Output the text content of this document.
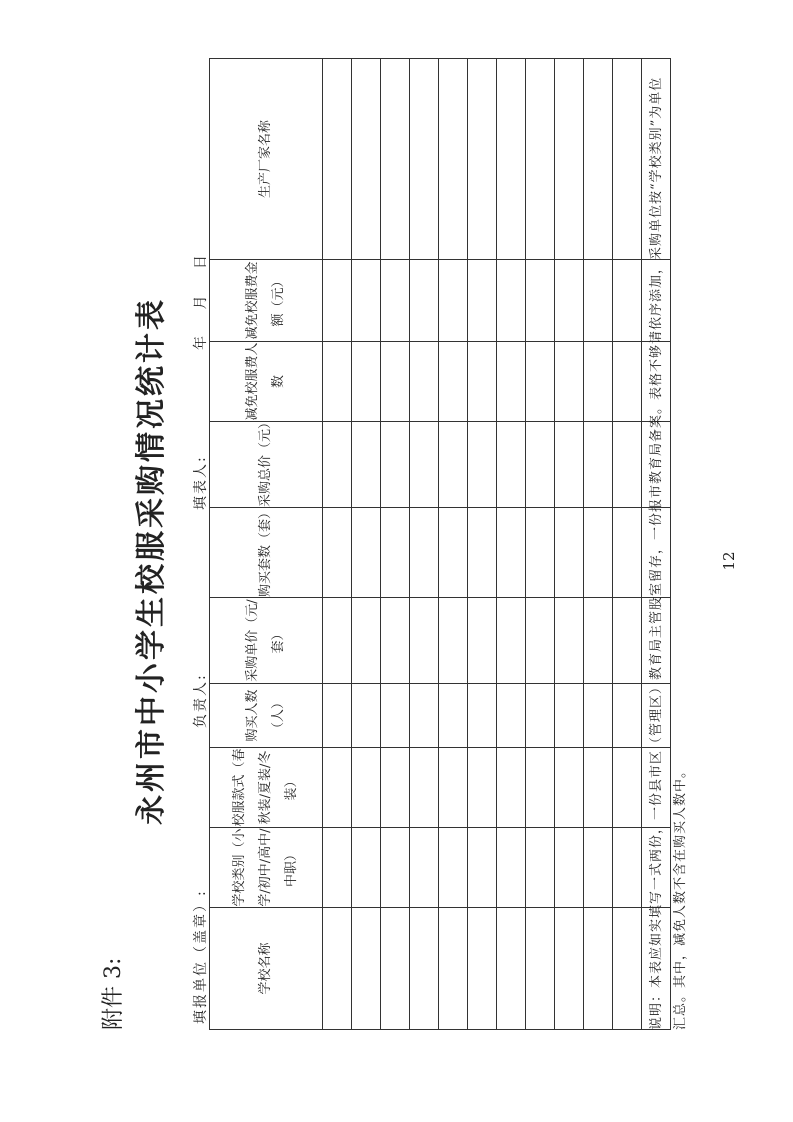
附件 3:
永州市中小学生校服采购情况统计表
填报单位（盖章）:
负责人:
填表人:
年 月 日
学校名称	学校类别（小学/初中/高中/中职）	校服款式（春秋装/夏装/冬装）	购买人数（人）	采购单价（元/套）	购买套数（套）	采购总价（元）	减免校服费人数	减免校服费金额（元）	生产厂家名称

										说明：本表应如实填写一式两份，一份县市区（管理区）教育局主管股室留存，一份报市教育局备案。表格不够请依序添加，采购单位按“学校类别”为单位汇总。其中，减免人数不含在购买人数中。
12
